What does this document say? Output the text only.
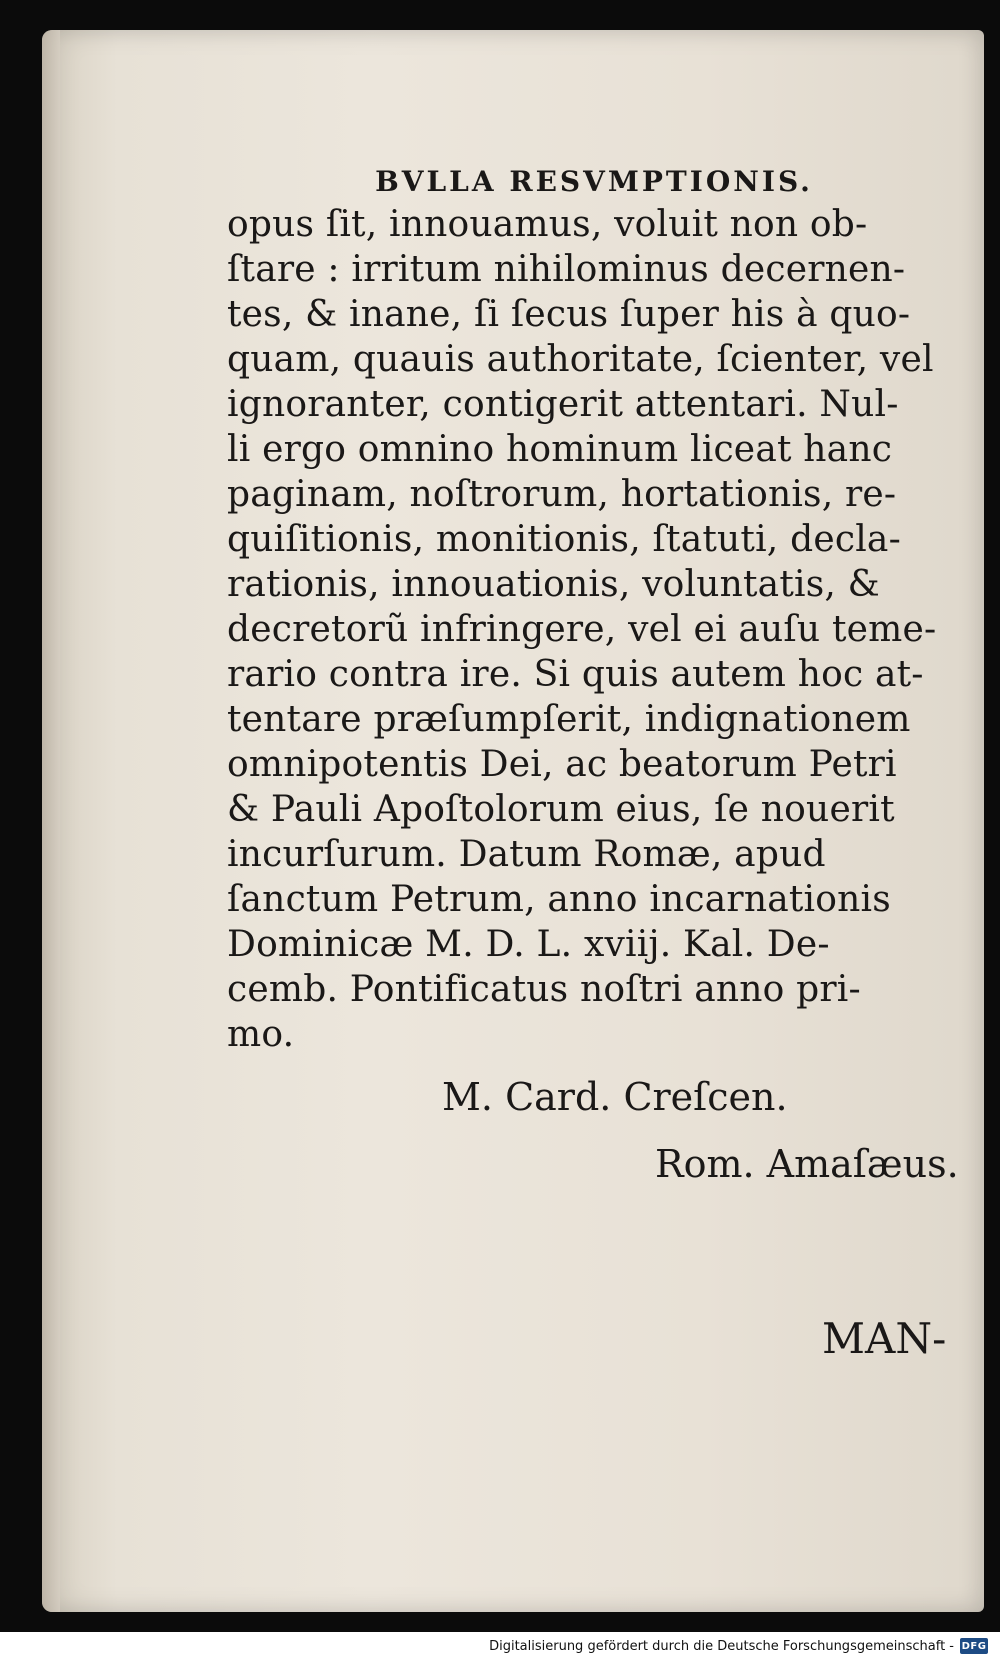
BVLLA RESVMPTIONIS.
opus ſit, innouamus, voluit non ob-
ſtare : irritum nihilominus decernen-
tes, & inane, ſi ſecus ſuper his à quo-
quam, quauis authoritate, ſcienter, vel
ignoranter, contigerit attentari. Nul-
li ergo omnino hominum liceat hanc
paginam, noſtrorum, hortationis, re-
quiſitionis, monitionis, ſtatuti, decla-
rationis, innouationis, voluntatis, &
decretorũ infringere, vel ei auſu teme-
rario contra ire. Si quis autem hoc at-
tentare præſumpſerit, indignationem
omnipotentis Dei, ac beatorum Petri
& Pauli Apoſtolorum eius, ſe nouerit
incurſurum. Datum Romæ, apud
ſanctum Petrum, anno incarnationis
Dominicæ M. D. L. xviij. Kal. De-
cemb. Pontificatus noſtri anno pri-
mo.
M. Card. Creſcen.
Rom. Amaſæus.
MAN-
Digitalisierung gefördert durch die Deutsche Forschungsgemeinschaft - DFG
